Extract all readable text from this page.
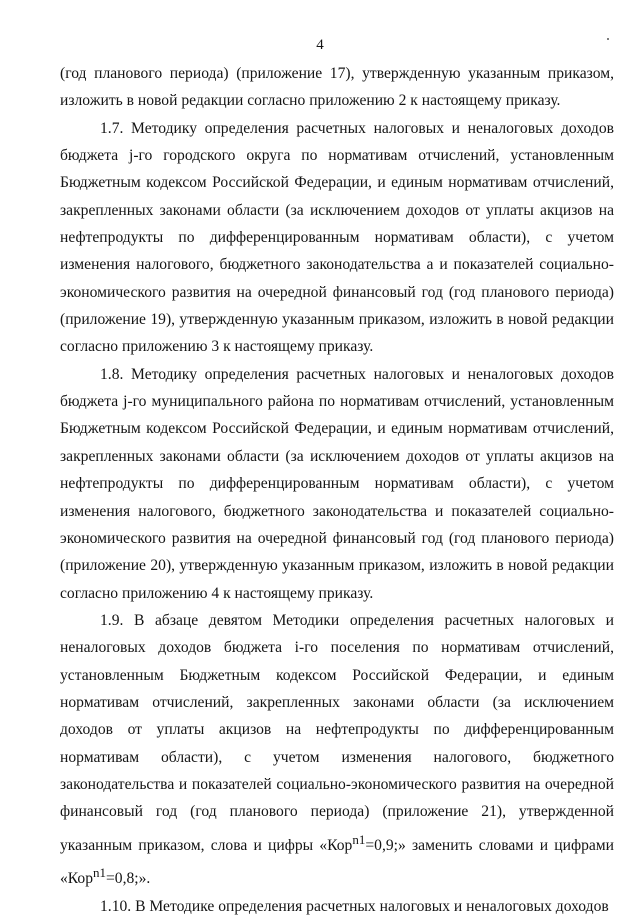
4

(год планового периода) (приложение 17), утвержденную указанным приказом, изложить в новой редакции согласно приложению 2 к настоящему приказу.

1.7. Методику определения расчетных налоговых и неналоговых доходов бюджета j-го городского округа по нормативам отчислений, установленным Бюджетным кодексом Российской Федерации, и единым нормативам отчислений, закрепленных законами области (за исключением доходов от уплаты акцизов на нефтепродукты по дифференцированным нормативам области), с учетом изменения налогового, бюджетного законодательства а и показателей социально-экономического развития на очередной финансовый год (год планового периода) (приложение 19), утвержденную указанным приказом, изложить в новой редакции согласно приложению 3 к настоящему приказу.

1.8. Методику определения расчетных налоговых и неналоговых доходов бюджета j-го муниципального района по нормативам отчислений, установленным Бюджетным кодексом Российской Федерации, и единым нормативам отчислений, закрепленных законами области (за исключением доходов от уплаты акцизов на нефтепродукты по дифференцированным нормативам области), с учетом изменения налогового, бюджетного законодательства и показателей социально-экономического развития на очередной финансовый год (год планового периода) (приложение 20), утвержденную указанным приказом, изложить в новой редакции согласно приложению 4 к настоящему приказу.

1.9. В абзаце девятом Методики определения расчетных налоговых и неналоговых доходов бюджета i-го поселения по нормативам отчислений, установленным Бюджетным кодексом Российской Федерации, и единым нормативам отчислений, закрепленных законами области (за исключением доходов от уплаты акцизов на нефтепродукты по дифференцированным нормативам области), с учетом изменения налогового, бюджетного законодательства и показателей социально-экономического развития на очередной финансовый год (год планового периода) (приложение 21), утвержденной указанным приказом, слова и цифры «Кор$^{n1}$=0,9;» заменить словами и цифрами «Кор$^{n1}$=0,8;».

1.10. В Методике определения расчетных налоговых и неналоговых доходов
